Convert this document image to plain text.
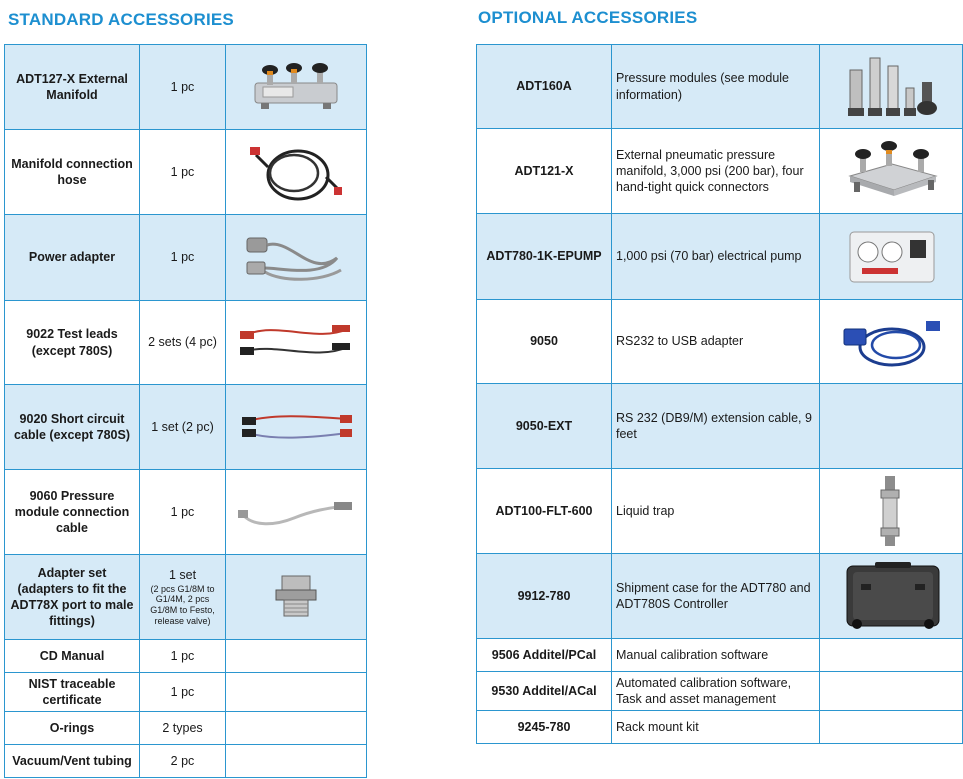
STANDARD ACCESSORIES	OPTIONAL ACCESSORIES
ADT127-X External Manifold	1 pc	

Manifold connection hose	1 pc	

Power adapter	1 pc	

9022 Test leads (except 780S)	2 sets (4 pc)	

9020 Short circuit cable (except 780S)	1 set (2 pc)	

9060 Pressure module connection cable	1 pc	

Adapter set (adapters to fit the ADT78X port to male fittings)	1 set
(2 pcs G1/8M to G1/4M, 2 pcs G1/8M to Festo, release valve)

CD Manual	1 pc	
NIST traceable certificate	1 pc	
O-rings	2 types	
Vacuum/Vent tubing	2 pc	
ADT160A	Pressure modules (see module information)	

ADT121-X	External pneumatic pressure manifold, 3,000 psi (200 bar), four hand-tight quick connectors	

ADT780-1K-EPUMP	1,000 psi (70 bar) electrical pump	

9050	RS232 to USB adapter	

9050-EXT	RS 232 (DB9/M) extension cable, 9 feet	
ADT100-FLT-600	Liquid trap	

9912-780	Shipment case for the ADT780 and ADT780S Controller	

9506 Additel/PCal	Manual calibration software	
9530 Additel/ACal	Automated calibration software, Task and asset management	
9245-780	Rack mount kit	
